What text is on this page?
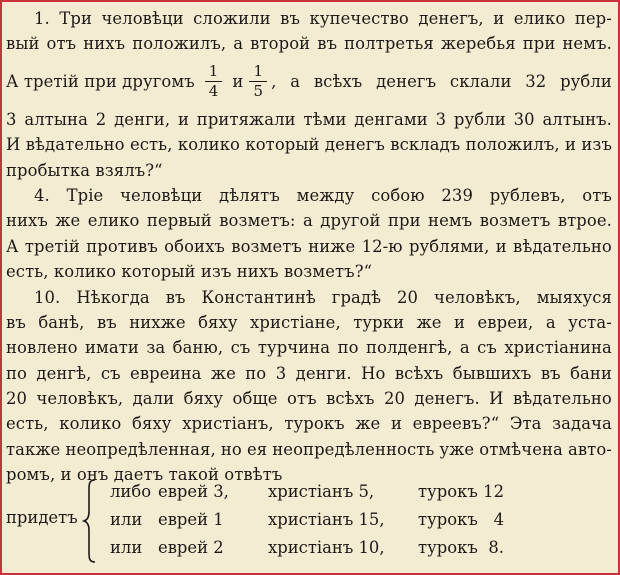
1. Три человѣци сложили въ купечество денегъ, и елико пер-
вый отъ нихъ положилъ, а второй въ полтретья жеребья при немъ.
А третій при другомъ $\frac{1}{4}$ и $\frac{1}{5}$ , а всѣхъ денегъ склали 32 рубли
3 алтына 2 денги, и притяжали тѣми денгами 3 рубли 30 алтынъ.
И вѣдательно есть, колико который денегъ вскладъ положилъ, и изъ
пробытка взялъ?“
4. Тріе человѣци дѣлятъ между собою 239 рублевъ, отъ
нихъ же елико первый возметъ: а другой при немъ возметъ втрое.
А третій противъ обоихъ возметъ ниже 12-ю рублями, и вѣдательно
есть, колико который изъ нихъ возметъ?“
10. Нѣкогда въ Константинѣ градѣ 20 человѣкъ, мыяхуся
въ банѣ, въ нихже бяху христіане, турки же и евреи, а уста-
новлено имати за баню, съ турчина по полденгѣ, а съ христіанина
по денгѣ, съ евреина же по 3 денги. Но всѣхъ бывшихъ въ бани
20 человѣкъ, дали бяху обще отъ всѣхъ 20 денегъ. И вѣдательно
есть, колико бяху христіанъ, турокъ же и евреевъ?“ Эта задача
также неопредѣленная, но ея неопредѣленность уже отмѣчена авто-
ромъ, и онъ даетъ такой отвѣтъ
придетъ
либо еврей 3, христіанъ 5,	турокъ 12
или еврей 1	христіанъ 15, турокъ 4
или еврей 2	христіанъ 10, турокъ 8.
